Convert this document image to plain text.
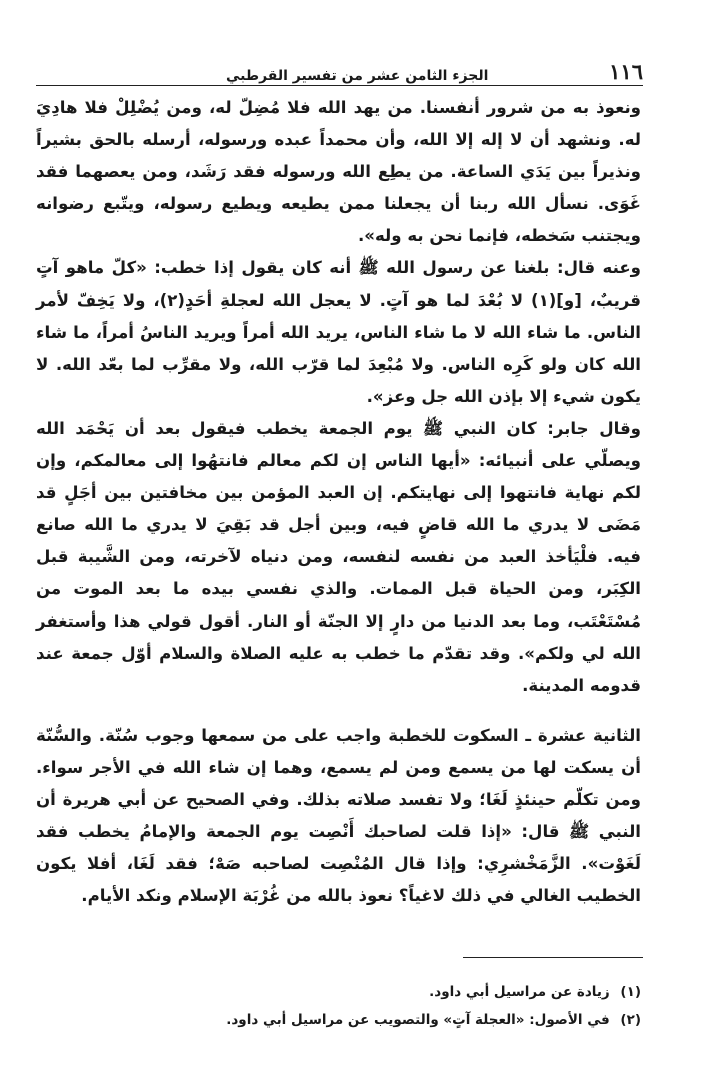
١١٦
الجزء الثامن عشر من تفسير القرطبي

ونعوذ به من شرور أنفسنا. من يهد الله فلا مُضِلّ له، ومن يُضْلِلْ فلا هادِيَ له. ونشهد أن لا إله إلا الله، وأن محمداً عبده ورسوله، أرسله بالحق بشيراً ونذيراً بين يَدَي الساعة. من يطِع الله ورسوله فقد رَشَد، ومن يعصهما فقد غَوَى. نسأل الله ربنا أن يجعلنا ممن يطيعه ويطيع رسوله، ويتّبع رضوانه ويجتنب سَخطه، فإنما نحن به وله».

وعنه قال: بلغنا عن رسول الله ﷺ أنه كان يقول إذا خطب: «كلّ ماهو آتٍ قريبٌ، [و](١) لا بُعْدَ لما هو آتٍ. لا يعجل الله لعجلةِ أحَدٍ(٢)، ولا يَخِفّ لأمر الناس. ما شاء الله لا ما شاء الناس، يريد الله أمراً ويريد الناسُ أمراً، ما شاء الله كان ولو كَرِه الناس. ولا مُبْعِدَ لما قرّب الله، ولا مقرِّب لما بعّد الله. لا يكون شيء إلا بإذن الله جل وعز».

وقال جابر: كان النبي ﷺ يوم الجمعة يخطب فيقول بعد أن يَحْمَد الله ويصلّي على أنبيائه: «أيها الناس إن لكم معالم فانتهُوا إلى معالمكم، وإن لكم نهاية فانتهوا إلى نهايتكم. إن العبد المؤمن بين مخافتين بين أجَلٍ قد مَضَى لا يدري ما الله قاضٍ فيه، وبين أجل قد بَقِيَ لا يدري ما الله صانع فيه. فلْيَأخذ العبد من نفسه لنفسه، ومن دنياه لآخرته، ومن الشَّيبة قبل الكِبَر، ومن الحياة قبل الممات. والذي نفسي بيده ما بعد الموت من مُسْتَعْتَب، وما بعد الدنيا من دارٍ إلا الجنّة أو النار. أقول قولي هذا وأستغفر الله لي ولكم». وقد تقدّم ما خطب به عليه الصلاة والسلام أوّل جمعة عند قدومه المدينة.

الثانية عشرة ـ السكوت للخطبة واجب على من سمعها وجوب سُنّة. والسُّنّة أن يسكت لها من يسمع ومن لم يسمع، وهما إن شاء الله في الأجر سواء. ومن تكلّم حينئذٍ لَغَا؛ ولا تفسد صلاته بذلك. وفي الصحيح عن أبي هريرة أن النبي ﷺ قال: «إذا قلت لصاحبك أَنْصِت يوم الجمعة والإمامُ يخطب فقد لَغَوْت». الزَّمَخْشرِي: وإذا قال المُنْصِت لصاحبه صَهْ؛ فقد لَغَا، أفلا يكون الخطيب الغالي في ذلك لاغياً؟ نعوذ بالله من غُرْبَة الإسلام ونكد الأيام.

(١) زيادة عن مراسيل أبي داود.
(٢) في الأصول: «العجلة آتٍ» والتصويب عن مراسيل أبي داود.
